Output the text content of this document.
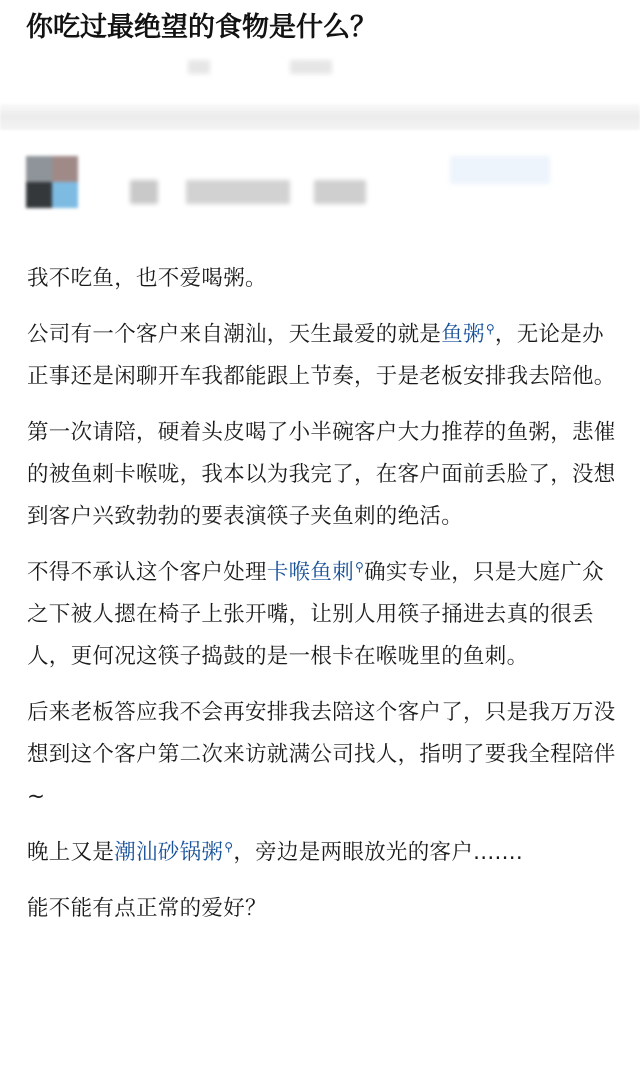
你吃过最绝望的食物是什么？

我不吃鱼，也不爱喝粥。

公司有一个客户来自潮汕，天生最爱的就是鱼粥⚲，无论是办正事还是闲聊开车我都能跟上节奏，于是老板安排我去陪他。

第一次请陪，硬着头皮喝了小半碗客户大力推荐的鱼粥，悲催的被鱼刺卡喉咙，我本以为我完了，在客户面前丢脸了，没想到客户兴致勃勃的要表演筷子夹鱼刺的绝活。

不得不承认这个客户处理卡喉鱼刺⚲确实专业，只是大庭广众之下被人摁在椅子上张开嘴，让别人用筷子捅进去真的很丢人，更何况这筷子捣鼓的是一根卡在喉咙里的鱼刺。

后来老板答应我不会再安排我去陪这个客户了，只是我万万没想到这个客户第二次来访就满公司找人，指明了要我全程陪伴~

晚上又是潮汕砂锅粥⚲，旁边是两眼放光的客户.......

能不能有点正常的爱好？
